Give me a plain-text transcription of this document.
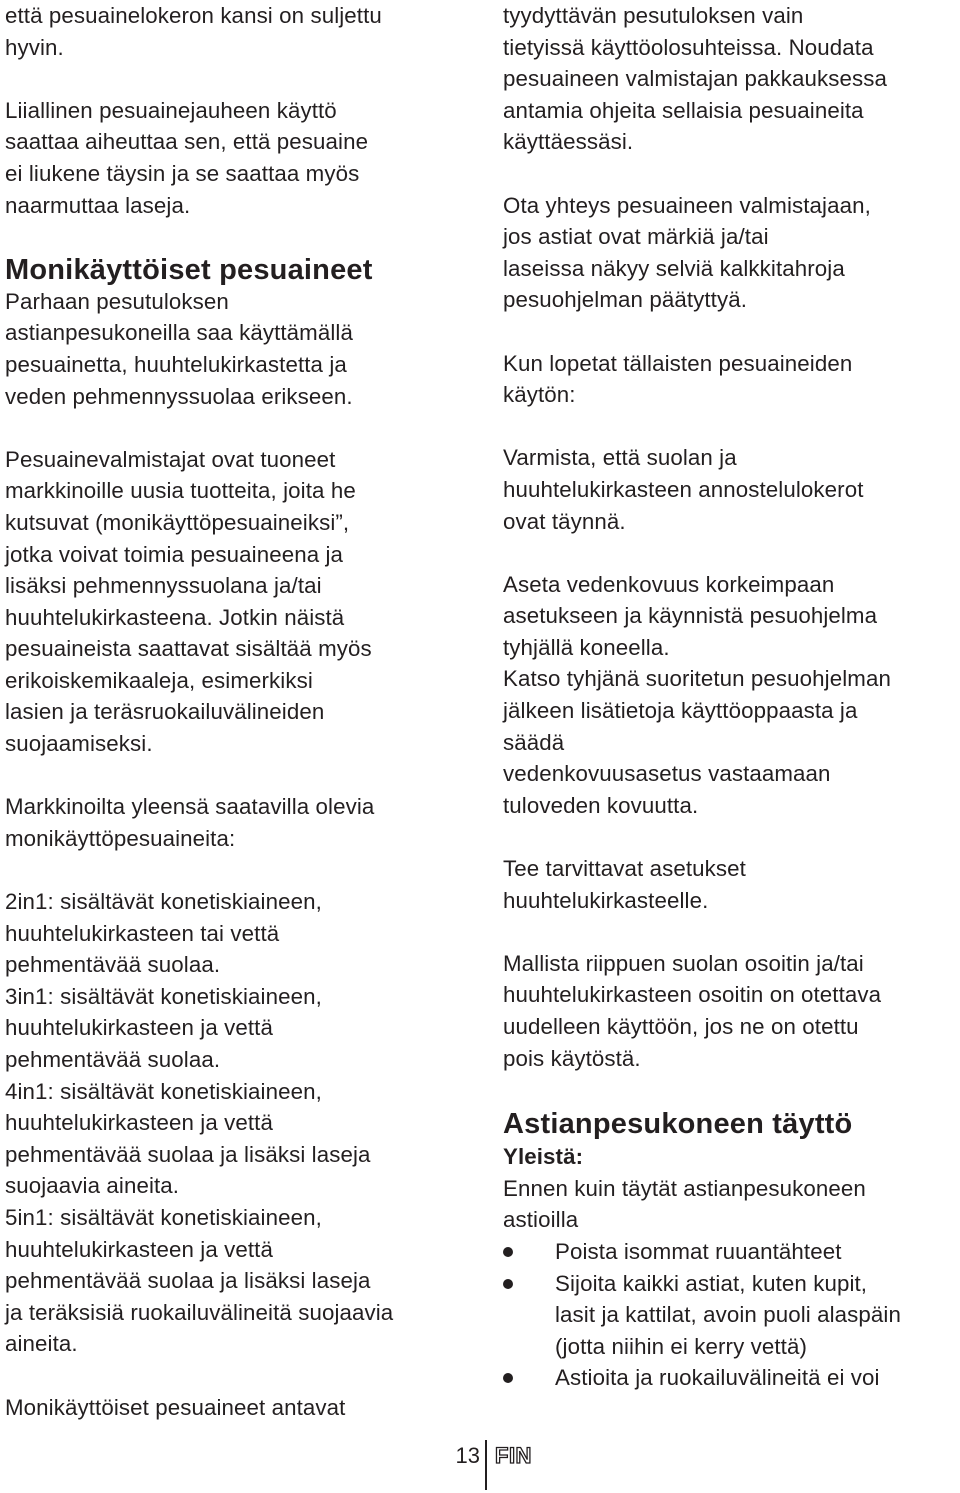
että pesuainelokeron kansi on suljettu
hyvin.

Liiallinen pesuainejauheen käyttö
saattaa aiheuttaa sen, että pesuaine
ei liukene täysin ja se saattaa myös
naarmuttaa laseja.

Monikäyttöiset pesuaineet

Parhaan pesutuloksen
astianpesukoneilla saa käyttämällä
pesuainetta, huuhtelukirkastetta ja
veden pehmennyssuolaa erikseen.

Pesuainevalmistajat ovat tuoneet
markkinoille uusia tuotteita, joita he
kutsuvat (monikäyttöpesuaineiksi”,
jotka voivat toimia pesuaineena ja
lisäksi pehmennyssuolana ja/tai
huuhtelukirkasteena. Jotkin näistä
pesuaineista saattavat sisältää myös
erikoiskemikaaleja, esimerkiksi
lasien ja teräsruokailuvälineiden
suojaamiseksi.

Markkinoilta yleensä saatavilla olevia
monikäyttöpesuaineita:

2in1: sisältävät konetiskiaineen,
huuhtelukirkasteen tai vettä
pehmentävää suolaa.
3in1: sisältävät konetiskiaineen,
huuhtelukirkasteen ja vettä
pehmentävää suolaa.
4in1: sisältävät konetiskiaineen,
huuhtelukirkasteen ja vettä
pehmentävää suolaa ja lisäksi laseja
suojaavia aineita.
5in1: sisältävät konetiskiaineen,
huuhtelukirkasteen ja vettä
pehmentävää suolaa ja lisäksi laseja
ja teräksisiä ruokailuvälineitä suojaavia
aineita.

Monikäyttöiset pesuaineet antavat

tyydyttävän pesutuloksen vain
tietyissä käyttöolosuhteissa. Noudata
pesuaineen valmistajan pakkauksessa
antamia ohjeita sellaisia pesuaineita
käyttäessäsi.

Ota yhteys pesuaineen valmistajaan,
jos astiat ovat märkiä ja/tai
laseissa näkyy selviä kalkkitahroja
pesuohjelman päätyttyä.

Kun lopetat tällaisten pesuaineiden
käytön:

Varmista, että suolan ja
huuhtelukirkasteen annostelulokerot
ovat täynnä.

Aseta vedenkovuus korkeimpaan
asetukseen ja käynnistä pesuohjelma
tyhjällä koneella.

Katso tyhjänä suoritetun pesuohjelman
jälkeen lisätietoja käyttöoppaasta ja
säädä
vedenkovuusasetus vastaamaan
tuloveden kovuutta.

Tee tarvittavat asetukset
huuhtelukirkasteelle.

Mallista riippuen suolan osoitin ja/tai
huuhtelukirkasteen osoitin on otettava
uudelleen käyttöön, jos ne on otettu
pois käytöstä.

Astianpesukoneen täyttö
Yleistä:

Ennen kuin täytät astianpesukoneen
astioilla

Poista isommat ruuantähteet
Sijoita kaikki astiat, kuten kupit,
lasit ja kattilat, avoin puoli alaspäin
(jotta niihin ei kerry vettä)
Astioita ja ruokailuvälineitä ei voi
13 FIN
